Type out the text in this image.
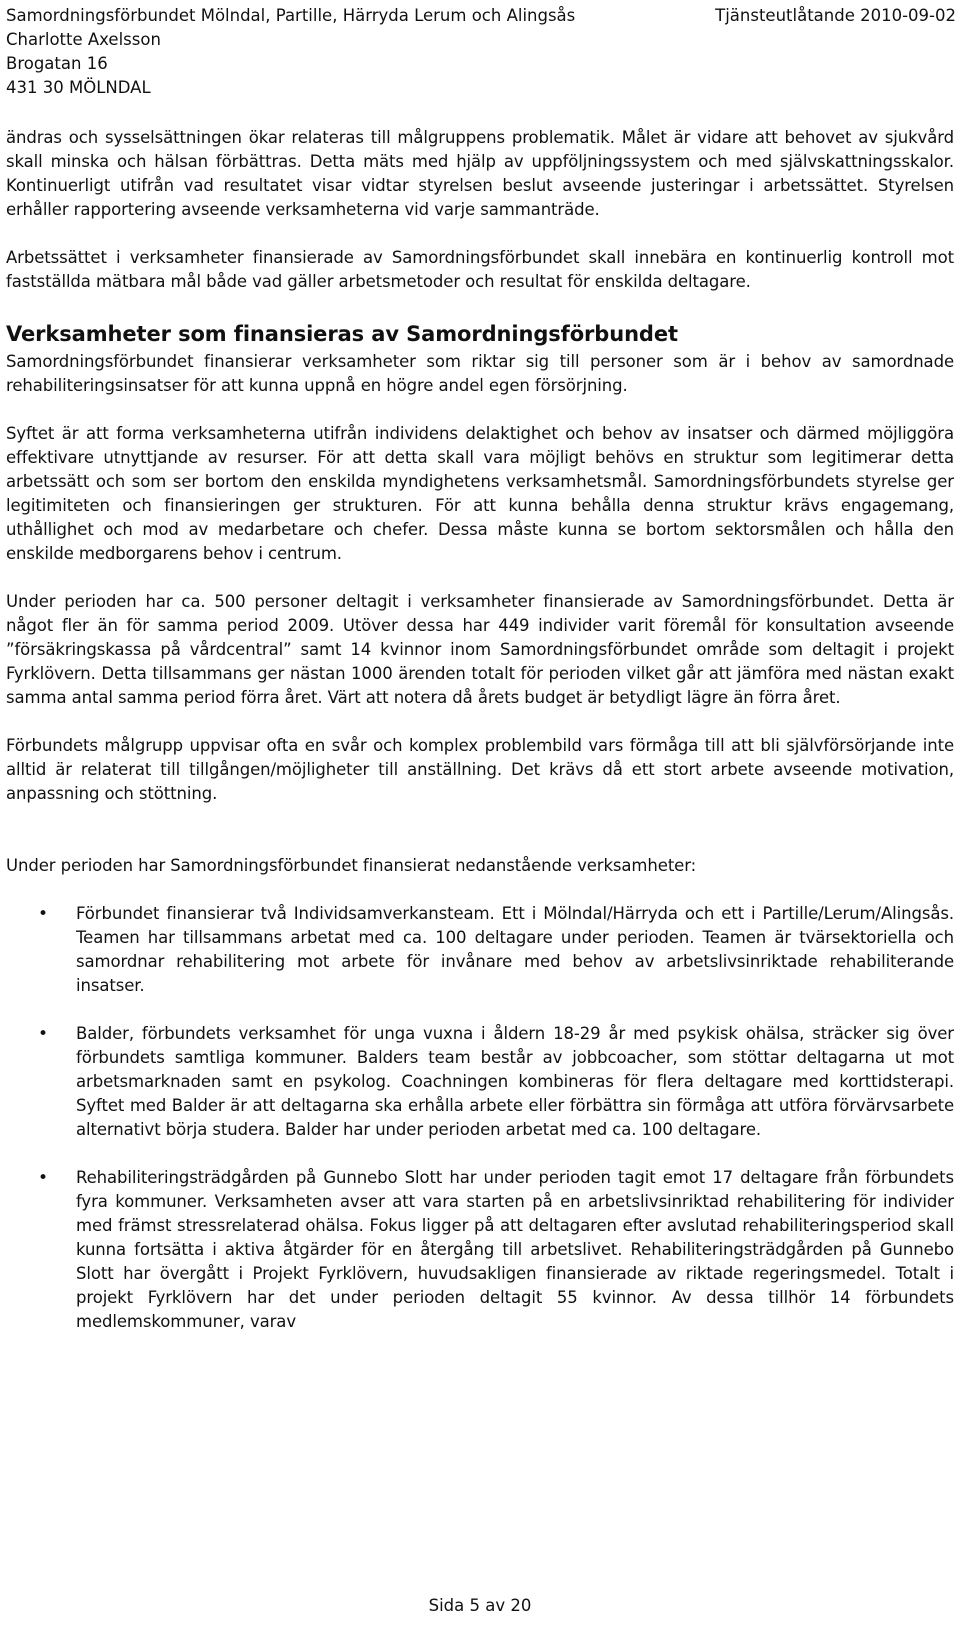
Samordningsförbundet Mölndal, Partille, Härryda Lerum och Alingsås	Tjänsteutlåtande 2010-09-02
Charlotte Axelsson
Brogatan 16
431 30 MÖLNDAL

ändras och sysselsättningen ökar relateras till målgruppens problematik. Målet är vidare att behovet av sjukvård skall minska och hälsan förbättras. Detta mäts med hjälp av uppföljningssystem och med självskattningsskalor. Kontinuerligt utifrån vad resultatet visar vidtar styrelsen beslut avseende justeringar i arbetssättet. Styrelsen erhåller rapportering avseende verksamheterna vid varje sammanträde.

Arbetssättet i verksamheter finansierade av Samordningsförbundet skall innebära en kontinuerlig kontroll mot fastställda mätbara mål både vad gäller arbetsmetoder och resultat för enskilda deltagare.

Verksamheter som finansieras av Samordningsförbundet

Samordningsförbundet finansierar verksamheter som riktar sig till personer som är i behov av samordnade rehabiliteringsinsatser för att kunna uppnå en högre andel egen försörjning.

Syftet är att forma verksamheterna utifrån individens delaktighet och behov av insatser och därmed möjliggöra effektivare utnyttjande av resurser. För att detta skall vara möjligt behövs en struktur som legitimerar detta arbetssätt och som ser bortom den enskilda myndighetens verksamhetsmål. Samordningsförbundets styrelse ger legitimiteten och finansieringen ger strukturen. För att kunna behålla denna struktur krävs engagemang, uthållighet och mod av medarbetare och chefer. Dessa måste kunna se bortom sektorsmålen och hålla den enskilde medborgarens behov i centrum.

Under perioden har ca. 500 personer deltagit i verksamheter finansierade av Samordningsförbundet. Detta är något fler än för samma period 2009. Utöver dessa har 449 individer varit föremål för konsultation avseende ”försäkringskassa på vårdcentral” samt 14 kvinnor inom Samordningsförbundet område som deltagit i projekt Fyrklövern. Detta tillsammans ger nästan 1000 ärenden totalt för perioden vilket går att jämföra med nästan exakt samma antal samma period förra året. Värt att notera då årets budget är betydligt lägre än förra året.

Förbundets målgrupp uppvisar ofta en svår och komplex problembild vars förmåga till att bli självförsörjande inte alltid är relaterat till tillgången/möjligheter till anställning. Det krävs då ett stort arbete avseende motivation, anpassning och stöttning.

Under perioden har Samordningsförbundet finansierat nedanstående verksamheter:

• Förbundet finansierar två Individsamverkansteam. Ett i Mölndal/Härryda och ett i Partille/Lerum/Alingsås. Teamen har tillsammans arbetat med ca. 100 deltagare under perioden. Teamen är tvärsektoriella och samordnar rehabilitering mot arbete för invånare med behov av arbetslivsinriktade rehabiliterande insatser.
• Balder, förbundets verksamhet för unga vuxna i åldern 18-29 år med psykisk ohälsa, sträcker sig över förbundets samtliga kommuner. Balders team består av jobbcoacher, som stöttar deltagarna ut mot arbetsmarknaden samt en psykolog. Coachningen kombineras för flera deltagare med korttidsterapi. Syftet med Balder är att deltagarna ska erhålla arbete eller förbättra sin förmåga att utföra förvärvsarbete alternativt börja studera. Balder har under perioden arbetat med ca. 100 deltagare.
• Rehabiliteringsträdgården på Gunnebo Slott har under perioden tagit emot 17 deltagare från förbundets fyra kommuner. Verksamheten avser att vara starten på en arbetslivsinriktad rehabilitering för individer med främst stressrelaterad ohälsa. Fokus ligger på att deltagaren efter avslutad rehabiliteringsperiod skall kunna fortsätta i aktiva åtgärder för en återgång till arbetslivet. Rehabiliteringsträdgården på Gunnebo Slott har övergått i Projekt Fyrklövern, huvudsakligen finansierade av riktade regeringsmedel. Totalt i projekt Fyrklövern har det under perioden deltagit 55 kvinnor. Av dessa tillhör 14 förbundets medlemskommuner, varav
Sida 5 av 20
